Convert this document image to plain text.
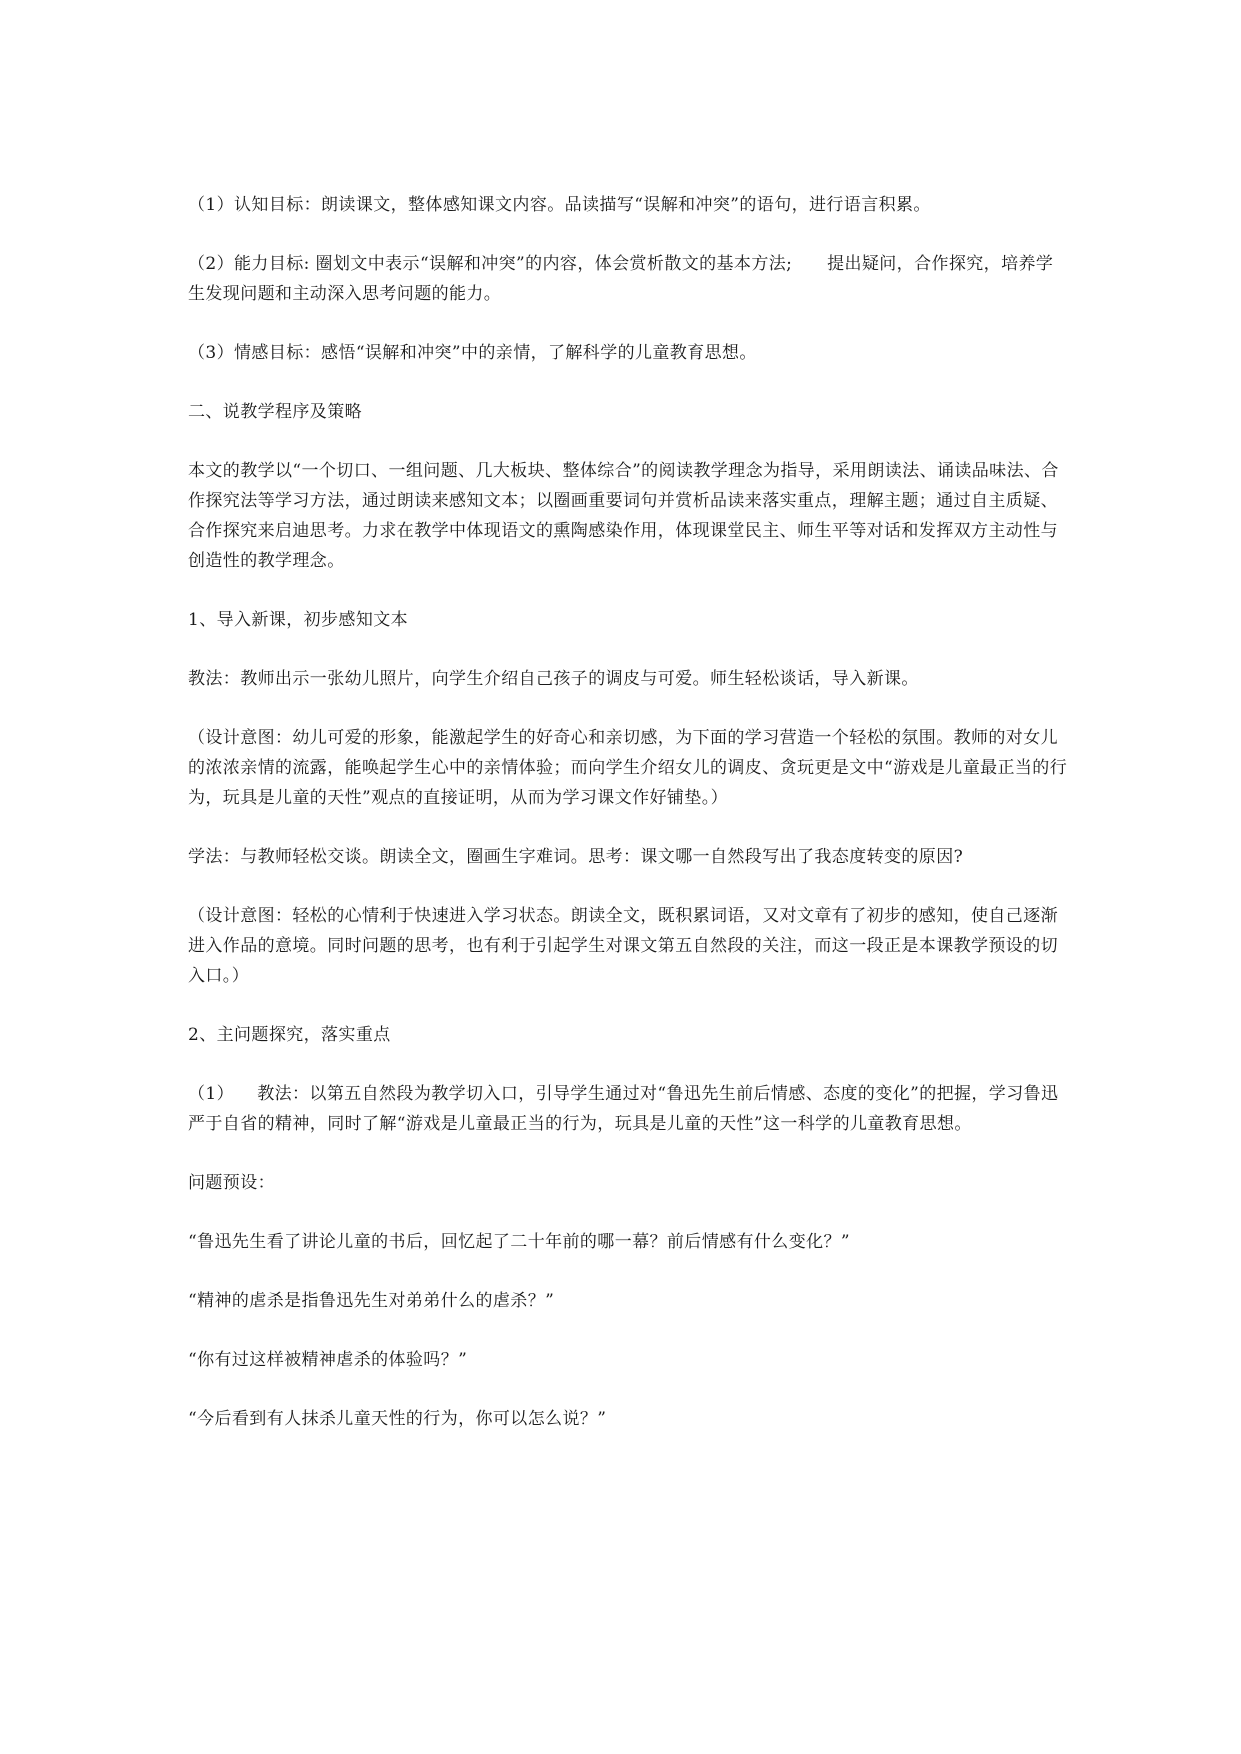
（1）认知目标：朗读课文，整体感知课文内容。品读描写“误解和冲突”的语句，进行语言积累。

（2）能力目标: 圈划文中表示“误解和冲突”的内容，体会赏析散文的基本方法;      提出疑问，合作探究，培养学生发现问题和主动深入思考问题的能力。

（3）情感目标：感悟“误解和冲突”中的亲情，了解科学的儿童教育思想。

二、说教学程序及策略

本文的教学以“一个切口、一组问题、几大板块、整体综合”的阅读教学理念为指导，采用朗读法、诵读品味法、合作探究法等学习方法，通过朗读来感知文本；以圈画重要词句并赏析品读来落实重点，理解主题；通过自主质疑、合作探究来启迪思考。力求在教学中体现语文的熏陶感染作用，体现课堂民主、师生平等对话和发挥双方主动性与创造性的教学理念。

1、导入新课，初步感知文本

教法：教师出示一张幼儿照片，向学生介绍自己孩子的调皮与可爱。师生轻松谈话，导入新课。

（设计意图：幼儿可爱的形象，能激起学生的好奇心和亲切感，为下面的学习营造一个轻松的氛围。教师的对女儿的浓浓亲情的流露，能唤起学生心中的亲情体验；而向学生介绍女儿的调皮、贪玩更是文中“游戏是儿童最正当的行为，玩具是儿童的天性”观点的直接证明，从而为学习课文作好铺垫。）

学法：与教师轻松交谈。朗读全文，圈画生字难词。思考：课文哪一自然段写出了我态度转变的原因?

（设计意图：轻松的心情利于快速进入学习状态。朗读全文，既积累词语，又对文章有了初步的感知，使自己逐渐进入作品的意境。同时问题的思考，也有利于引起学生对课文第五自然段的关注，而这一段正是本课教学预设的切入口。）

2、主问题探究，落实重点

（1）    教法：以第五自然段为教学切入口，引导学生通过对“鲁迅先生前后情感、态度的变化”的把握，学习鲁迅严于自省的精神，同时了解“游戏是儿童最正当的行为，玩具是儿童的天性”这一科学的儿童教育思想。

问题预设：

“鲁迅先生看了讲论儿童的书后，回忆起了二十年前的哪一幕？前后情感有什么变化？”

“精神的虐杀是指鲁迅先生对弟弟什么的虐杀？”

“你有过这样被精神虐杀的体验吗？”

“今后看到有人抹杀儿童天性的行为，你可以怎么说？”
